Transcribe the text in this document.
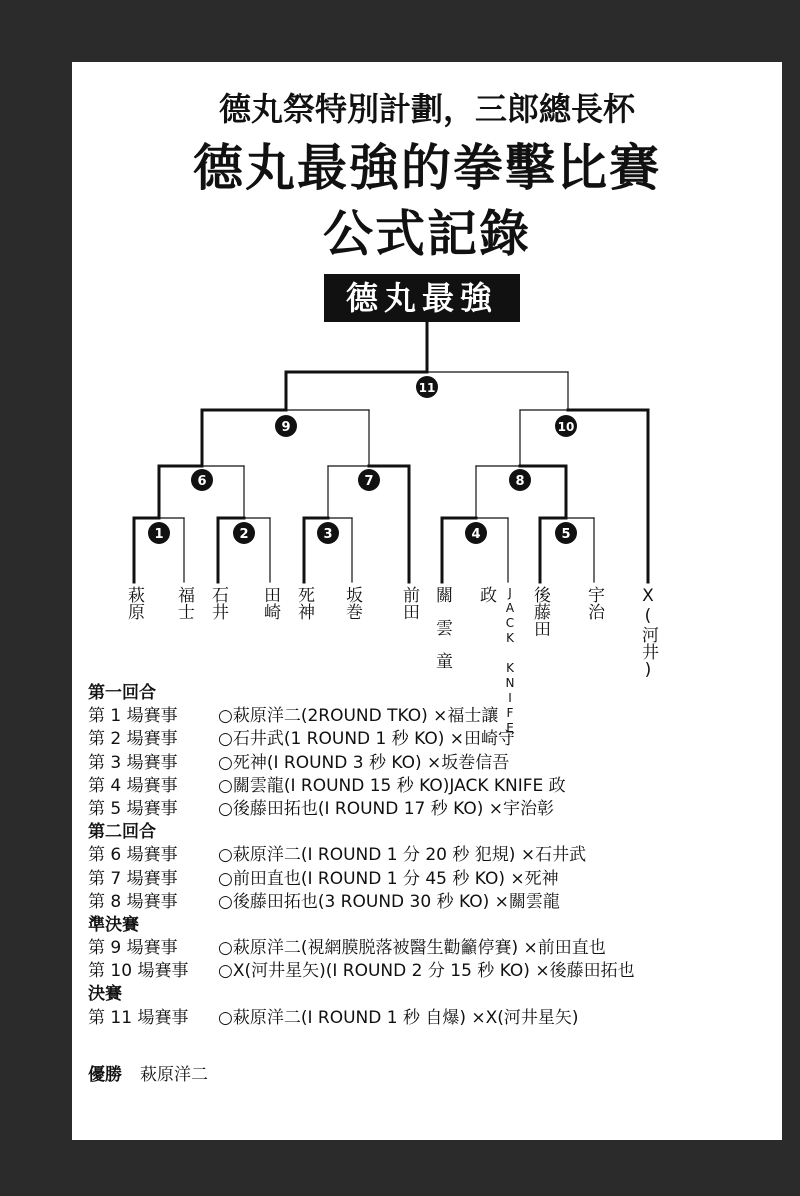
德丸祭特別計劃，三郎總長杯
德丸最強的拳擊比賽
公式記錄
11
9	10
6	7	8
1	2	3	4	5
德丸最強
萩原 福士 石井 田崎 死神 坂巻 前田 關雲童 政 JACK KNIFE 後藤田 宇治 X(河井)
第一回合
第 1 場賽事 ○萩原洋二(2ROUND TKO) ×福士讓
第 2 場賽事 ○石井武(1 ROUND 1 秒 KO) ×田崎守
第 3 場賽事 ○死神(I ROUND 3 秒 KO) ×坂巻信吾
第 4 場賽事 ○關雲龍(I ROUND 15 秒 KO)JACK KNIFE 政
第 5 場賽事 ○後藤田拓也(I ROUND 17 秒 KO) ×宇治彰
第二回合
第 6 場賽事 ○萩原洋二(I ROUND 1 分 20 秒 犯規) ×石井武
第 7 場賽事 ○前田直也(I ROUND 1 分 45 秒 KO) ×死神
第 8 場賽事 ○後藤田拓也(3 ROUND 30 秒 KO) ×關雲龍
準決賽
第 9 場賽事 ○萩原洋二(視網膜脱落被醫生勸籲停賽) ×前田直也
第 10 場賽事 ○X(河井星矢)(I ROUND 2 分 15 秒 KO) ×後藤田拓也
決賽
第 11 場賽事 ○萩原洋二(I ROUND 1 秒 自爆) ×X(河井星矢)
優勝 萩原洋二
